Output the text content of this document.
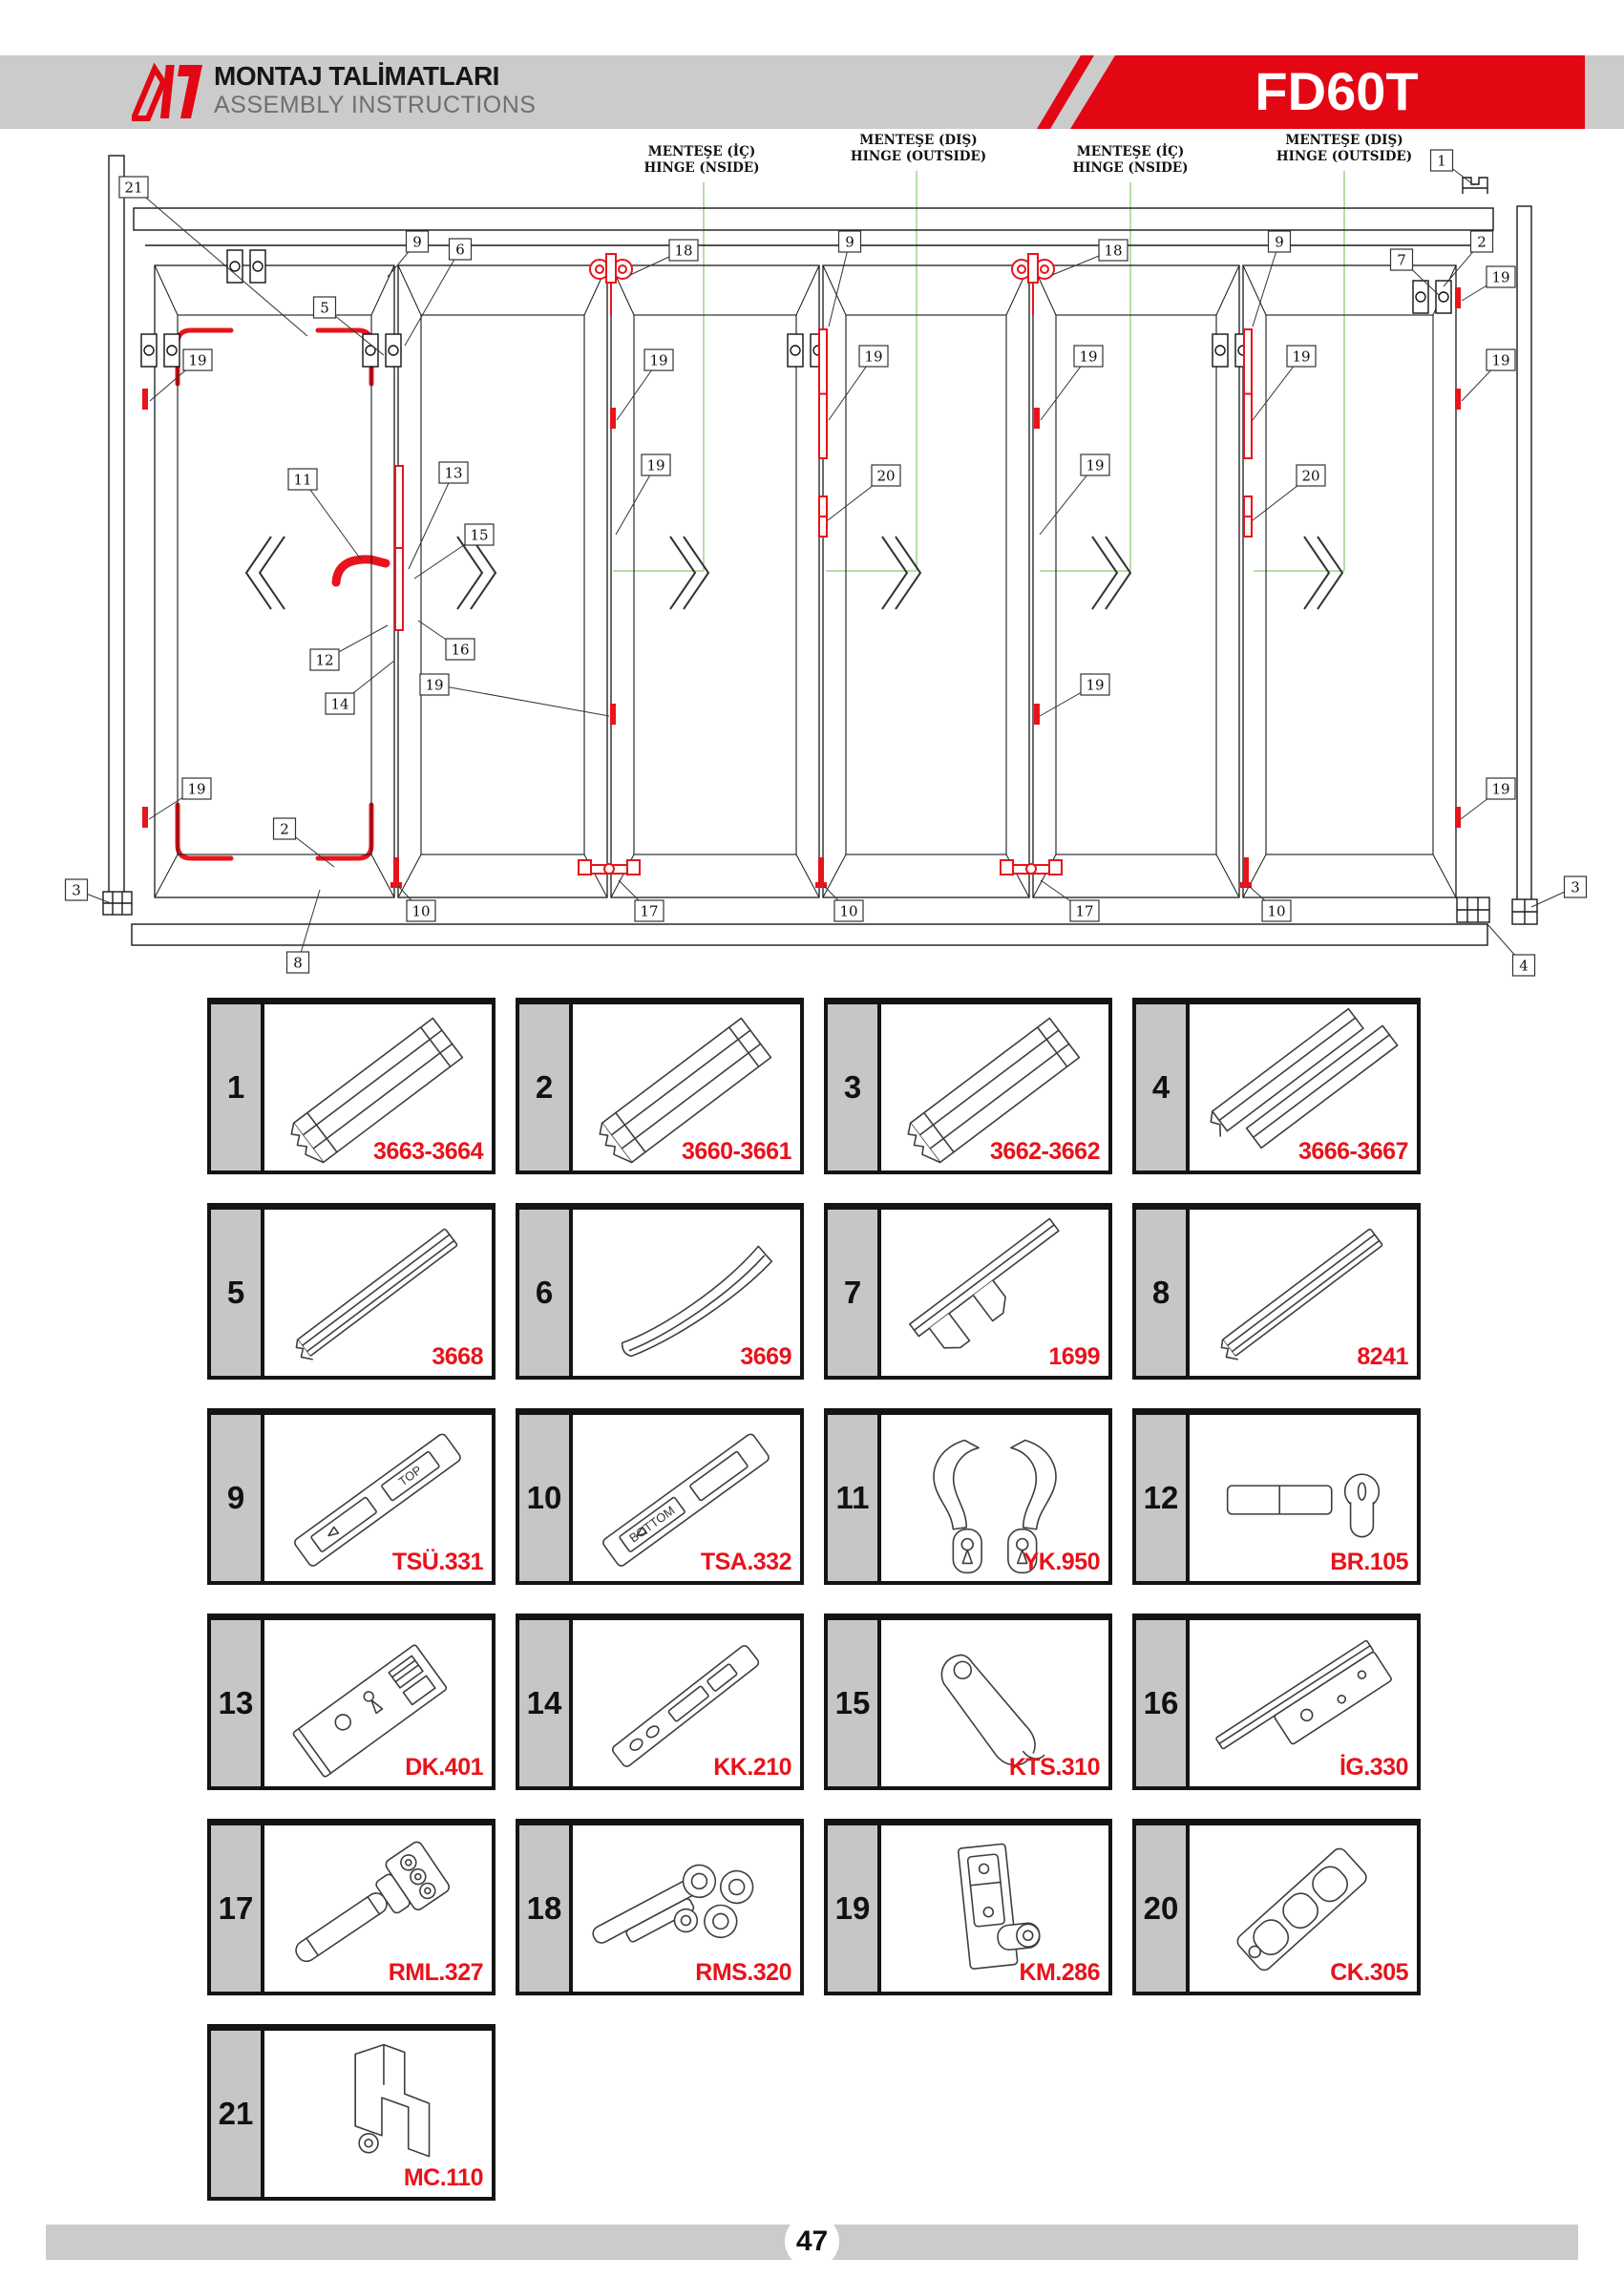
MONTAJ TALİMATLARI
ASSEMBLY INSTRUCTIONS	FD60T
MENTEŞE (İÇ)
HINGE (NSIDE)
MENTEŞE (DIŞ)
HINGE (OUTSIDE)	MENTEŞE (İÇ)
HINGE (NSIDE)
MENTEŞE (DIŞ)
HINGE (OUTSIDE)
21
9 6
5
18	9	18	9
7
1
2
19	19	19	19	19
19
19
11	13
15
19
20
19
20
12
14
16
19	19
19	19
2
8
3	3
4
10	17	10	17	10
1
3663-3664
2
3660-3661
3
3662-3662
4
3666-3667
5
3668
6
3669
7
1699
8
8241
9
TOP
TSÜ.331
10
BOTTOM
TSA.332
11
YK.950
12
BR.105
13
DK.401
14
KK.210
15
KTS.310
16
İG.330
17
RML.327
18
RMS.320
19
KM.286
20
CK.305
21
MC.110
47
